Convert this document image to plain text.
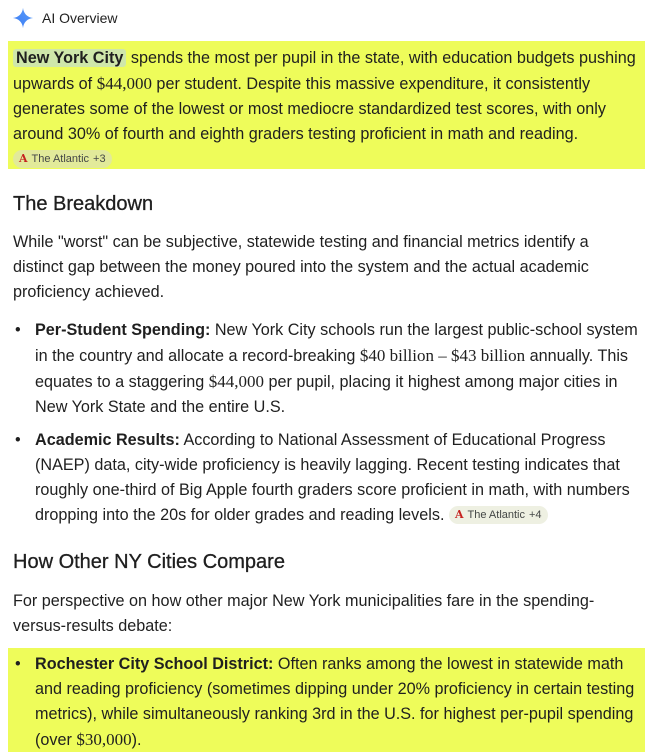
AI Overview
New York City spends the most per pupil in the state, with education budgets pushing upwards of $44,000 per student. Despite this massive expenditure, it consistently generates some of the lowest or most mediocre standardized test scores, with only around 30% of fourth and eighth graders testing proficient in math and reading.
A The Atlantic +3
The Breakdown

While "worst" can be subjective, statewide testing and financial metrics identify a distinct gap between the money poured into the system and the actual academic proficiency achieved.

• Per-Student Spending: New York City schools run the largest public-school system in the country and allocate a record-breaking $40 billion – $43 billion annually. This equates to a staggering $44,000 per pupil, placing it highest among major cities in New York State and the entire U.S.
• Academic Results: According to National Assessment of Educational Progress (NAEP) data, city-wide proficiency is heavily lagging. Recent testing indicates that roughly one-third of Big Apple fourth graders score proficient in math, with numbers dropping into the 20s for older grades and reading levels. A The Atlantic +4
How Other NY Cities Compare

For perspective on how other major New York municipalities fare in the spending-versus-results debate:

• Rochester City School District: Often ranks among the lowest in statewide math and reading proficiency (sometimes dipping under 20% proficiency in certain testing metrics), while simultaneously ranking 3rd in the U.S. for highest per-pupil spending (over $30,000).
